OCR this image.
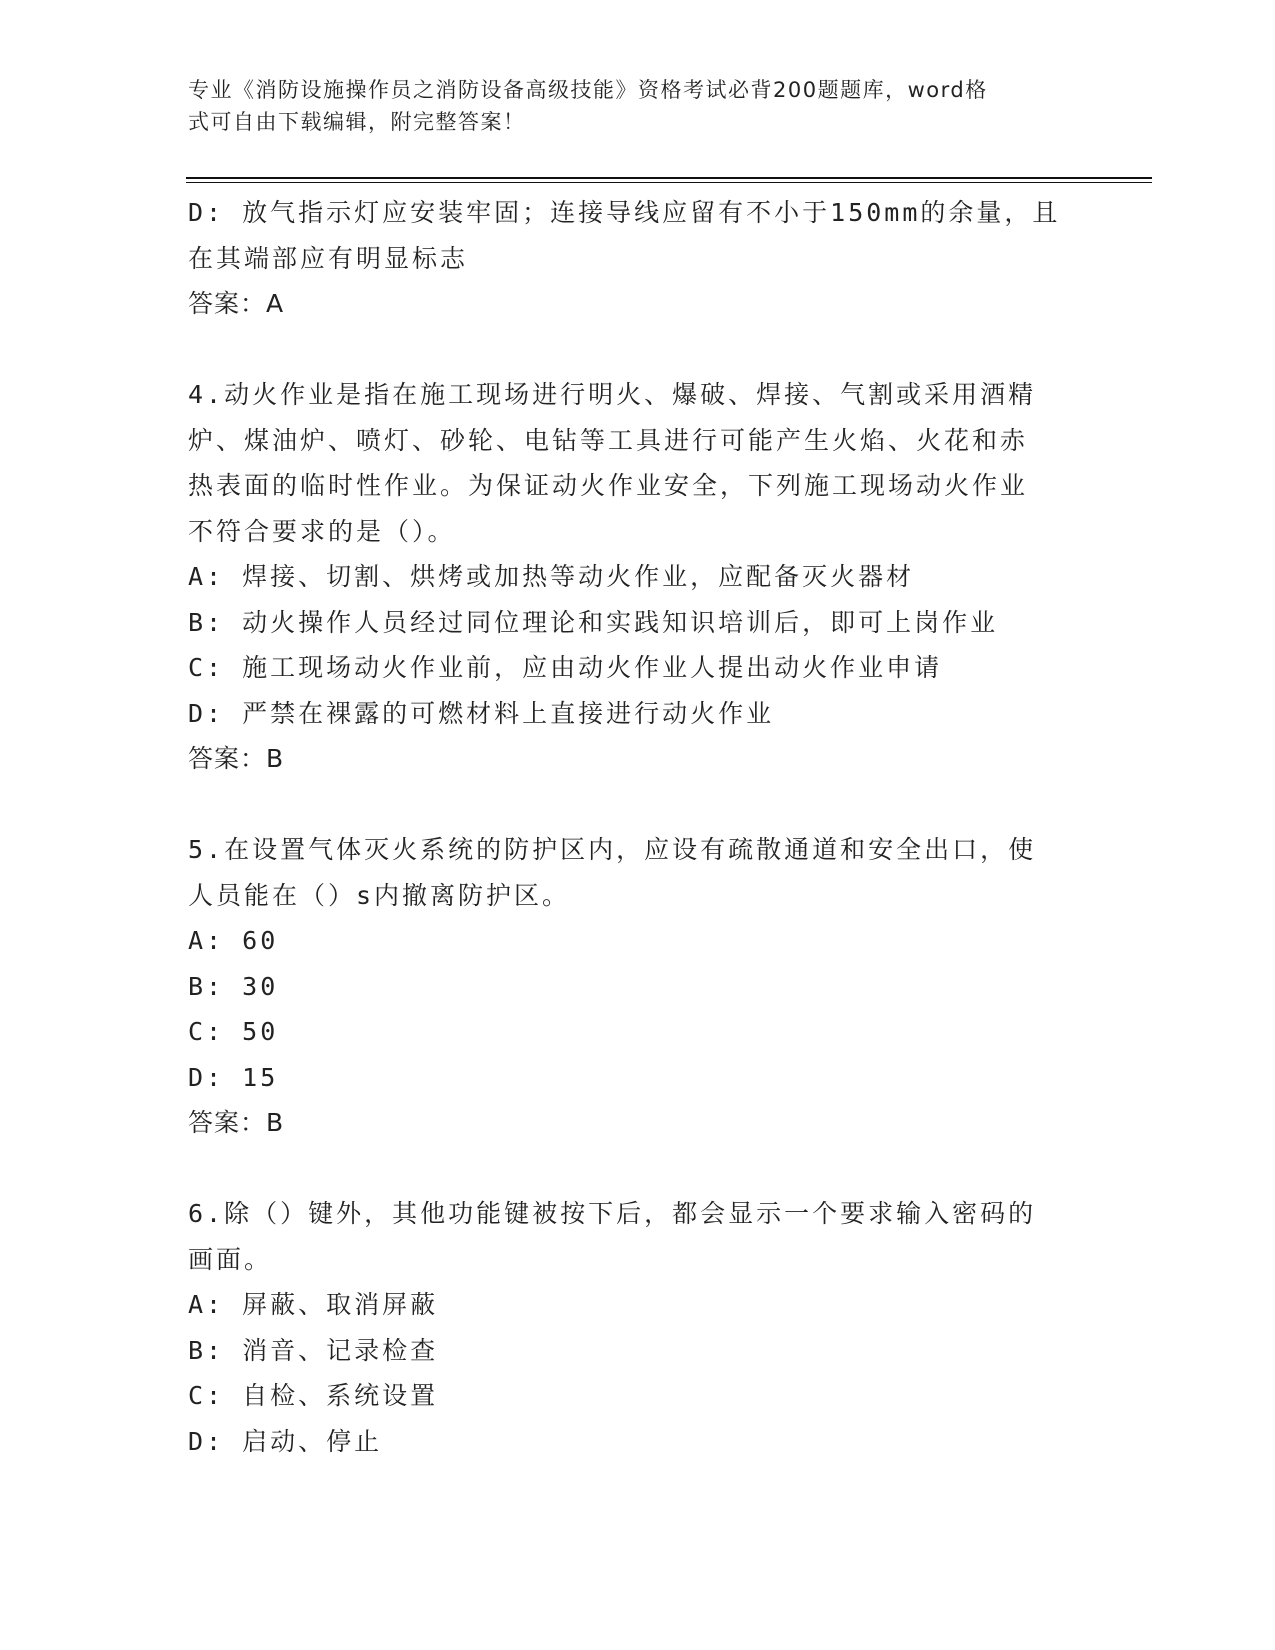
专业《消防设施操作员之消防设备高级技能》资格考试必背200题题库，word格
式可自由下载编辑，附完整答案！
D: 放气指示灯应安装牢固；连接导线应留有不小于150mm的余量，且
在其端部应有明显标志
答案：A
4.动火作业是指在施工现场进行明火、爆破、焊接、气割或采用酒精
炉、煤油炉、喷灯、砂轮、电钻等工具进行可能产生火焰、火花和赤
热表面的临时性作业。为保证动火作业安全，下列施工现场动火作业
不符合要求的是（）。
A: 焊接、切割、烘烤或加热等动火作业，应配备灭火器材
B: 动火操作人员经过同位理论和实践知识培训后，即可上岗作业
C: 施工现场动火作业前，应由动火作业人提出动火作业申请
D: 严禁在裸露的可燃材料上直接进行动火作业
答案：B
5.在设置气体灭火系统的防护区内，应设有疏散通道和安全出口，使
人员能在（）s内撤离防护区。
A: 60
B: 30
C: 50
D: 15
答案：B
6.除（）键外，其他功能键被按下后，都会显示一个要求输入密码的
画面。
A: 屏蔽、取消屏蔽
B: 消音、记录检查
C: 自检、系统设置
D: 启动、停止
